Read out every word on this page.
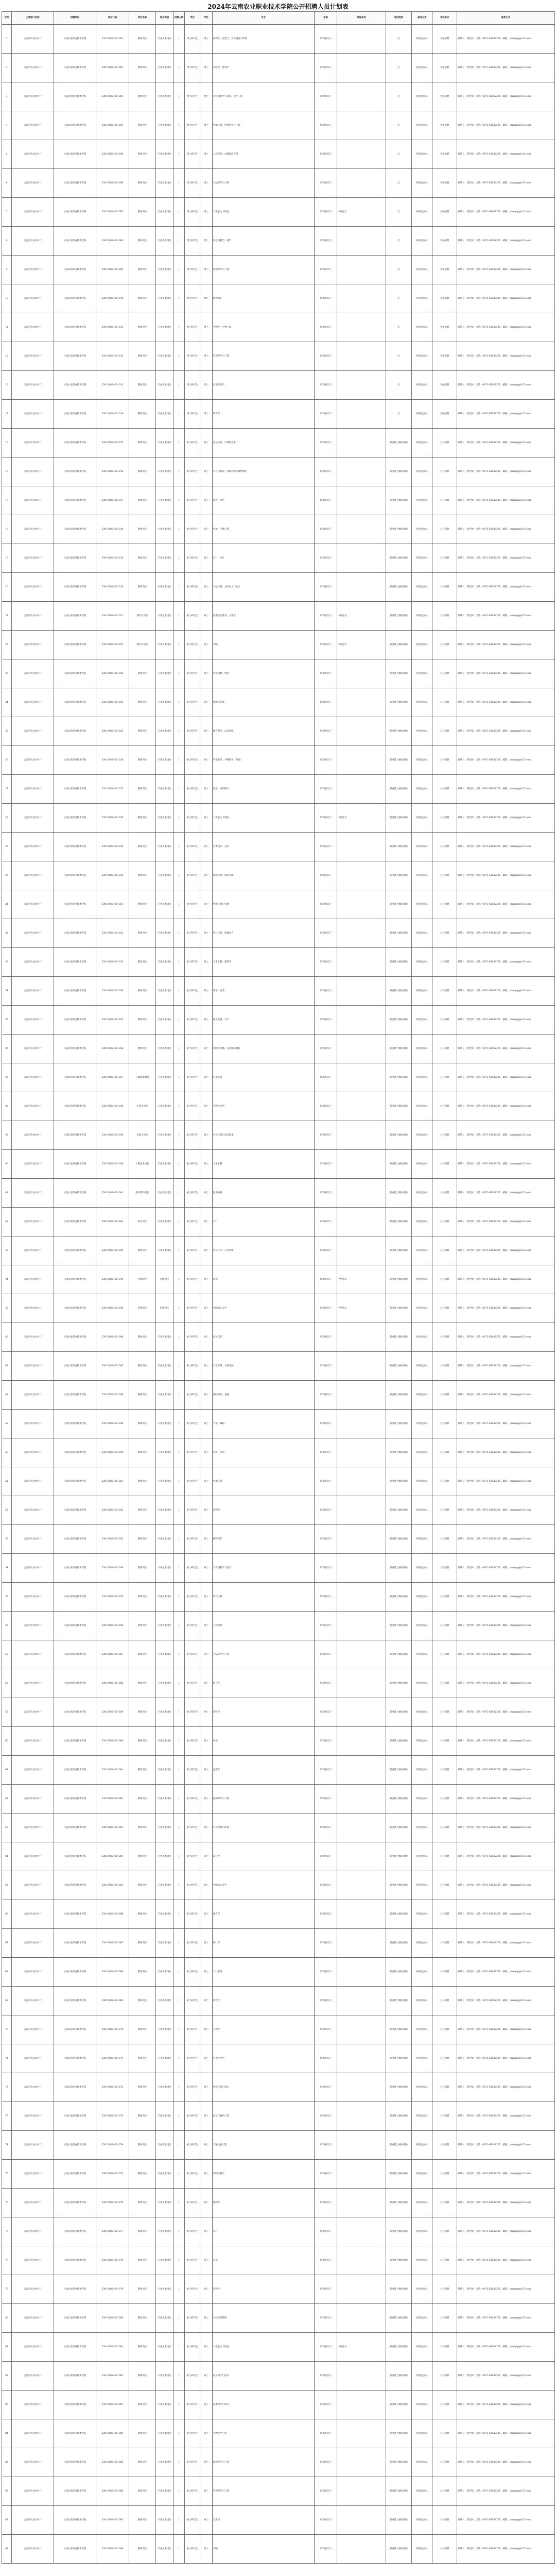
2024年云南农业职业技术学院公开招聘人员计划表
序号	主管部门名称	招聘单位	岗位代码	岗位名称	岗位类别	招聘人数	学历	学位	专业	年龄	其他条件	笔试类别	面试方式	考试形式	联系方式
1	云南省农业农村厅	云南农业职业技术学院	530100824001001	教师岗位	专业技术岗位	1	博士研究生	博士	作物学、园艺学、农业资源与环境	35周岁以下		无	结构化面试	考核招聘	联系人：黄老师；电话：0871-65182365；邮箱：ynnzyzp@163.com
2	云南省农业农村厅	云南农业职业技术学院	530100824001002	教师岗位	专业技术岗位	1	博士研究生	博士	兽医学、畜牧学	35周岁以下		无	结构化面试	考核招聘	联系人：黄老师；电话：0871-65182365；邮箱：ynnzyzp@163.com
3	云南省农业农村厅	云南农业职业技术学院	530100824001003	教师岗位	专业技术岗位	1	博士研究生	博士	计算机科学与技术、软件工程	35周岁以下		无	结构化面试	考核招聘	联系人：黄老师；电话：0871-65182365；邮箱：ynnzyzp@163.com
4	云南省农业农村厅	云南农业职业技术学院	530100824001004	教师岗位	专业技术岗位	1	博士研究生	博士	机械工程、控制科学与工程	35周岁以下		无	结构化面试	考核招聘	联系人：黄老师；电话：0871-65182365；邮箱：ynnzyzp@163.com
5	云南省农业农村厅	云南农业职业技术学院	530100824001005	教师岗位	专业技术岗位	1	博士研究生	博士	工商管理、农林经济管理	35周岁以下		无	结构化面试	考核招聘	联系人：黄老师；电话：0871-65182365；邮箱：ynnzyzp@163.com
6	云南省农业农村厅	云南农业职业技术学院	530100824001006	教师岗位	专业技术岗位	1	博士研究生	博士	食品科学与工程	35周岁以下		无	结构化面试	考核招聘	联系人：黄老师；电话：0871-65182365；邮箱：ynnzyzp@163.com
7	云南省农业农村厅	云南农业职业技术学院	530100824001007	教师岗位	专业技术岗位	1	博士研究生	博士	马克思主义理论	35周岁以下	中共党员	无	结构化面试	考核招聘	联系人：黄老师；电话：0871-65182365；邮箱：ynnzyzp@163.com
8	云南省农业农村厅	云南农业职业技术学院	530100824001008	教师岗位	专业技术岗位	1	博士研究生	博士	风景园林学、林学	35周岁以下		无	结构化面试	考核招聘	联系人：黄老师；电话：0871-65182365；邮箱：ynnzyzp@163.com
9	云南省农业农村厅	云南农业职业技术学院	530100824001009	教师岗位	专业技术岗位	1	博士研究生	博士	环境科学与工程	35周岁以下		无	结构化面试	考核招聘	联系人：黄老师；电话：0871-65182365；邮箱：ynnzyzp@163.com
10	云南省农业农村厅	云南农业职业技术学院	530100824001010	教师岗位	专业技术岗位	1	博士研究生	博士	植物保护	35周岁以下		无	结构化面试	考核招聘	联系人：黄老师；电话：0871-65182365；邮箱：ynnzyzp@163.com
11	云南省农业农村厅	云南农业职业技术学院	530100824001011	教师岗位	专业技术岗位	1	博士研究生	博士	生物学、生物工程	35周岁以下		无	结构化面试	考核招聘	联系人：黄老师；电话：0871-65182365；邮箱：ynnzyzp@163.com
12	云南省农业农村厅	云南农业职业技术学院	530100824001012	教师岗位	专业技术岗位	1	博士研究生	博士	管理科学与工程	35周岁以下		无	结构化面试	考核招聘	联系人：黄老师；电话：0871-65182365；邮箱：ynnzyzp@163.com
13	云南省农业农村厅	云南农业职业技术学院	530100824001013	教师岗位	专业技术岗位	1	博士研究生	博士	应用经济学	35周岁以下		无	结构化面试	考核招聘	联系人：黄老师；电话：0871-65182365；邮箱：ynnzyzp@163.com
14	云南省农业农村厅	云南农业职业技术学院	530100824001014	教师岗位	专业技术岗位	1	博士研究生	博士	教育学	35周岁以下		无	结构化面试	考核招聘	联系人：黄老师；电话：0871-65182365；邮箱：ynnzyzp@163.com
15	云南省农业农村厅	云南农业职业技术学院	530100824001015	教师岗位	专业技术岗位	1	硕士研究生	硕士	电子信息、计算机技术	35周岁以下		职业能力倾向测验	结构化面试	公开招聘	联系人：黄老师；电话：0871-65182365；邮箱：ynnzyzp@163.com
16	云南省农业农村厅	云南农业职业技术学院	530100824001016	教师岗位	专业技术岗位	1	硕士研究生	硕士	农艺与种业、资源利用与植物保护	35周岁以下		职业能力倾向测验	结构化面试	公开招聘	联系人：黄老师；电话：0871-65182365；邮箱：ynnzyzp@163.com
17	云南省农业农村厅	云南农业职业技术学院	530100824001017	教师岗位	专业技术岗位	1	硕士研究生	硕士	畜牧、兽医	35周岁以下		职业能力倾向测验	结构化面试	公开招聘	联系人：黄老师；电话：0871-65182365；邮箱：ynnzyzp@163.com
18	云南省农业农村厅	云南农业职业技术学院	530100824001018	教师岗位	专业技术岗位	1	硕士研究生	硕士	机械、车辆工程	35周岁以下		职业能力倾向测验	结构化面试	公开招聘	联系人：黄老师；电话：0871-65182365；邮箱：ynnzyzp@163.com
19	云南省农业农村厅	云南农业职业技术学院	530100824001019	教师岗位	专业技术岗位	1	硕士研究生	硕士	会计、审计	35周岁以下		职业能力倾向测验	结构化面试	公开招聘	联系人：黄老师；电话：0871-65182365；邮箱：ynnzyzp@163.com
20	云南省农业农村厅	云南农业职业技术学院	530100824001020	教师岗位	专业技术岗位	1	硕士研究生	硕士	食品工程、食品加工与安全	35周岁以下		职业能力倾向测验	结构化面试	公开招聘	联系人：黄老师；电话：0871-65182365；邮箱：ynnzyzp@163.com
21	云南省农业农村厅	云南农业职业技术学院	530100824001021	辅导员岗位	专业技术岗位	1	硕士研究生	硕士	思想政治教育、心理学	35周岁以下	中共党员	职业能力倾向测验	结构化面试	公开招聘	联系人：黄老师；电话：0871-65182365；邮箱：ynnzyzp@163.com
22	云南省农业农村厅	云南农业职业技术学院	530100824001022	辅导员岗位	专业技术岗位	1	硕士研究生	硕士	不限	35周岁以下	中共党员	职业能力倾向测验	结构化面试	公开招聘	联系人：黄老师；电话：0871-65182365；邮箱：ynnzyzp@163.com
23	云南省农业农村厅	云南农业职业技术学院	530100824001023	教师岗位	专业技术岗位	1	硕士研究生	硕士	风景园林、林业	35周岁以下		职业能力倾向测验	结构化面试	公开招聘	联系人：黄老师；电话：0871-65182365；邮箱：ynnzyzp@163.com
24	云南省农业农村厅	云南农业职业技术学院	530100824001024	教师岗位	专业技术岗位	1	硕士研究生	硕士	资源与环境	35周岁以下		职业能力倾向测验	结构化面试	公开招聘	联系人：黄老师；电话：0871-65182365；邮箱：ynnzyzp@163.com
25	云南省农业农村厅	云南农业职业技术学院	530100824001025	教师岗位	专业技术岗位	1	硕士研究生	硕士	体育教学、运动训练	35周岁以下		职业能力倾向测验	结构化面试	公开招聘	联系人：黄老师；电话：0871-65182365；邮箱：ynnzyzp@163.com
26	云南省农业农村厅	云南农业职业技术学院	530100824001026	教师岗位	专业技术岗位	1	硕士研究生	硕士	英语笔译、学科教学（英语）	35周岁以下		职业能力倾向测验	结构化面试	公开招聘	联系人：黄老师；电话：0871-65182365；邮箱：ynnzyzp@163.com
27	云南省农业农村厅	云南农业职业技术学院	530100824001027	教师岗位	专业技术岗位	1	硕士研究生	硕士	数学、应用统计	35周岁以下		职业能力倾向测验	结构化面试	公开招聘	联系人：黄老师；电话：0871-65182365；邮箱：ynnzyzp@163.com
28	云南省农业农村厅	云南农业职业技术学院	530100824001028	教师岗位	专业技术岗位	1	硕士研究生	硕士	马克思主义理论	35周岁以下	中共党员	职业能力倾向测验	结构化面试	公开招聘	联系人：黄老师；电话：0871-65182365；邮箱：ynnzyzp@163.com
29	云南省农业农村厅	云南农业职业技术学院	530100824001029	教师岗位	专业技术岗位	1	硕士研究生	硕士	艺术设计、美术	35周岁以下		职业能力倾向测验	结构化面试	公开招聘	联系人：黄老师；电话：0871-65182365；邮箱：ynnzyzp@163.com
30	云南省农业农村厅	云南农业职业技术学院	530100824001030	教师岗位	专业技术岗位	1	硕士研究生	硕士	旅游管理、酒店管理	35周岁以下		职业能力倾向测验	结构化面试	公开招聘	联系人：黄老师；电话：0871-65182365；邮箱：ynnzyzp@163.com
31	云南省农业农村厅	云南农业职业技术学院	530100824001031	教师岗位	专业技术岗位	1	硕士研究生	硕士	物流工程与管理	35周岁以下		职业能力倾向测验	结构化面试	公开招聘	联系人：黄老师；电话：0871-65182365；邮箱：ynnzyzp@163.com
32	云南省农业农村厅	云南农业职业技术学院	530100824001032	教师岗位	专业技术岗位	1	硕士研究生	硕士	电气工程、能源动力	35周岁以下		职业能力倾向测验	结构化面试	公开招聘	联系人：黄老师；电话：0871-65182365；邮箱：ynnzyzp@163.com
33	云南省农业农村厅	云南农业职业技术学院	530100824001033	教师岗位	专业技术岗位	1	硕士研究生	硕士	土木水利、建筑学	35周岁以下		职业能力倾向测验	结构化面试	公开招聘	联系人：黄老师；电话：0871-65182365；邮箱：ynnzyzp@163.com
34	云南省农业农村厅	云南农业职业技术学院	530100824001034	教师岗位	专业技术岗位	1	硕士研究生	硕士	茶学、园艺	35周岁以下		职业能力倾向测验	结构化面试	公开招聘	联系人：黄老师；电话：0871-65182365；邮箱：ynnzyzp@163.com
35	云南省农业农村厅	云南农业职业技术学院	530100824001035	教师岗位	专业技术岗位	1	硕士研究生	硕士	渔业发展、水产	35周岁以下		职业能力倾向测验	结构化面试	公开招聘	联系人：黄老师；电话：0871-65182365；邮箱：ynnzyzp@163.com
36	云南省农业农村厅	云南农业职业技术学院	530100824001036	教师岗位	专业技术岗位	1	硕士研究生	硕士	新闻与传播、汉语国际教育	35周岁以下		职业能力倾向测验	结构化面试	公开招聘	联系人：黄老师；电话：0871-65182365；邮箱：ynnzyzp@163.com
37	云南省农业农村厅	云南农业职业技术学院	530100824001037	心理健康教师	专业技术岗位	1	硕士研究生	硕士	应用心理	35周岁以下		职业能力倾向测验	结构化面试	公开招聘	联系人：黄老师；电话：0871-65182365；邮箱：ynnzyzp@163.com
38	云南省农业农村厅	云南农业职业技术学院	530100824001038	实验员岗位	专业技术岗位	1	硕士研究生	硕士	生物与医药	35周岁以下		职业能力倾向测验	结构化面试	公开招聘	联系人：黄老师；电话：0871-65182365；邮箱：ynnzyzp@163.com
39	云南省农业农村厅	云南农业职业技术学院	530100824001039	实验员岗位	专业技术岗位	1	硕士研究生	硕士	农业工程与信息技术	35周岁以下		职业能力倾向测验	结构化面试	公开招聘	联系人：黄老师；电话：0871-65182365；邮箱：ynnzyzp@163.com
40	云南省农业农村厅	云南农业职业技术学院	530100824001040	工程技术岗位	专业技术岗位	1	硕士研究生	硕士	土木水利	35周岁以下		职业能力倾向测验	结构化面试	公开招聘	联系人：黄老师；电话：0871-65182365；邮箱：ynnzyzp@163.com
41	云南省农业农村厅	云南农业职业技术学院	530100824001041	图书资料岗位	专业技术岗位	1	硕士研究生	硕士	图书情报	35周岁以下		职业能力倾向测验	结构化面试	公开招聘	联系人：黄老师；电话：0871-65182365；邮箱：ynnzyzp@163.com
42	云南省农业农村厅	云南农业职业技术学院	530100824001042	财务岗位	专业技术岗位	1	硕士研究生	硕士	会计	35周岁以下		职业能力倾向测验	结构化面试	公开招聘	联系人：黄老师；电话：0871-65182365；邮箱：ynnzyzp@163.com
43	云南省农业农村厅	云南农业职业技术学院	530100824001043	教师岗位	专业技术岗位	1	硕士研究生	硕士	社会工作、公共管理	35周岁以下		职业能力倾向测验	结构化面试	公开招聘	联系人：黄老师；电话：0871-65182365；邮箱：ynnzyzp@163.com
44	云南省农业农村厅	云南农业职业技术学院	530100824001044	管理岗位	管理岗位	1	硕士研究生	硕士	法律	35周岁以下	中共党员	职业能力倾向测验	结构化面试	公开招聘	联系人：黄老师；电话：0871-65182365；邮箱：ynnzyzp@163.com
45	云南省农业农村厅	云南农业职业技术学院	530100824001045	管理岗位	管理岗位	1	硕士研究生	硕士	中国语言文学	35周岁以下	中共党员	职业能力倾向测验	结构化面试	公开招聘	联系人：黄老师；电话：0871-65182365；邮箱：ynnzyzp@163.com
46	云南省农业农村厅	云南农业职业技术学院	530100824001046	教师岗位	专业技术岗位	1	硕士研究生	硕士	电子信息	35周岁以下		职业能力倾向测验	结构化面试	公开招聘	联系人：黄老师；电话：0871-65182365；邮箱：ynnzyzp@163.com
47	云南省农业农村厅	云南农业职业技术学院	530100824001047	教师岗位	专业技术岗位	1	硕士研究生	硕士	农业管理、农村发展	35周岁以下		职业能力倾向测验	结构化面试	公开招聘	联系人：黄老师；电话：0871-65182365；邮箱：ynnzyzp@163.com
48	云南省农业农村厅	云南农业职业技术学院	530100824001048	教师岗位	专业技术岗位	1	硕士研究生	硕士	国际商务、金融	35周岁以下		职业能力倾向测验	结构化面试	公开招聘	联系人：黄老师；电话：0871-65182365；邮箱：ynnzyzp@163.com
49	云南省农业农村厅	云南农业职业技术学院	530100824001049	教师岗位	专业技术岗位	1	硕士研究生	硕士	音乐、舞蹈	35周岁以下		职业能力倾向测验	结构化面试	公开招聘	联系人：黄老师；电话：0871-65182365；邮箱：ynnzyzp@163.com
50	云南省农业农村厅	云南农业职业技术学院	530100824001050	教师岗位	专业技术岗位	1	硕士研究生	硕士	兽医、养殖	35周岁以下		职业能力倾向测验	结构化面试	公开招聘	联系人：黄老师；电话：0871-65182365；邮箱：ynnzyzp@163.com
51	云南省农业农村厅	云南农业职业技术学院	530100824001051	教师岗位	专业技术岗位	1	硕士研究生	硕士	机械工程	35周岁以下		职业能力倾向测验	结构化面试	公开招聘	联系人：黄老师；电话：0871-65182365；邮箱：ynnzyzp@163.com
52	云南省农业农村厅	云南农业职业技术学院	530100824001052	教师岗位	专业技术岗位	1	硕士研究生	硕士	作物学	35周岁以下		职业能力倾向测验	结构化面试	公开招聘	联系人：黄老师；电话：0871-65182365；邮箱：ynnzyzp@163.com
53	云南省农业农村厅	云南农业职业技术学院	530100824001053	教师岗位	专业技术岗位	1	硕士研究生	硕士	植物保护	35周岁以下		职业能力倾向测验	结构化面试	公开招聘	联系人：黄老师；电话：0871-65182365；邮箱：ynnzyzp@163.com
54	云南省农业农村厅	云南农业职业技术学院	530100824001054	教师岗位	专业技术岗位	1	硕士研究生	硕士	计算机科学与技术	35周岁以下		职业能力倾向测验	结构化面试	公开招聘	联系人：黄老师；电话：0871-65182365；邮箱：ynnzyzp@163.com
55	云南省农业农村厅	云南农业职业技术学院	530100824001055	教师岗位	专业技术岗位	1	硕士研究生	硕士	软件工程	35周岁以下		职业能力倾向测验	结构化面试	公开招聘	联系人：黄老师；电话：0871-65182365；邮箱：ynnzyzp@163.com
56	云南省农业农村厅	云南农业职业技术学院	530100824001056	教师岗位	专业技术岗位	1	硕士研究生	硕士	工商管理	35周岁以下		职业能力倾向测验	结构化面试	公开招聘	联系人：黄老师；电话：0871-65182365；邮箱：ynnzyzp@163.com
57	云南省农业农村厅	云南农业职业技术学院	530100824001057	教师岗位	专业技术岗位	1	硕士研究生	硕士	食品科学与工程	35周岁以下		职业能力倾向测验	结构化面试	公开招聘	联系人：黄老师；电话：0871-65182365；邮箱：ynnzyzp@163.com
58	云南省农业农村厅	云南农业职业技术学院	530100824001058	教师岗位	专业技术岗位	1	硕士研究生	硕士	园艺学	35周岁以下		职业能力倾向测验	结构化面试	公开招聘	联系人：黄老师；电话：0871-65182365；邮箱：ynnzyzp@163.com
59	云南省农业农村厅	云南农业职业技术学院	530100824001059	教师岗位	专业技术岗位	1	硕士研究生	硕士	畜牧学	35周岁以下		职业能力倾向测验	结构化面试	公开招聘	联系人：黄老师；电话：0871-65182365；邮箱：ynnzyzp@163.com
60	云南省农业农村厅	云南农业职业技术学院	530100824001060	教师岗位	专业技术岗位	1	硕士研究生	硕士	林学	35周岁以下		职业能力倾向测验	结构化面试	公开招聘	联系人：黄老师；电话：0871-65182365；邮箱：ynnzyzp@163.com
61	云南省农业农村厅	云南农业职业技术学院	530100824001061	教师岗位	专业技术岗位	1	硕士研究生	硕士	生态学	35周岁以下		职业能力倾向测验	结构化面试	公开招聘	联系人：黄老师；电话：0871-65182365；邮箱：ynnzyzp@163.com
62	云南省农业农村厅	云南农业职业技术学院	530100824001062	教师岗位	专业技术岗位	1	硕士研究生	硕士	控制科学与工程	35周岁以下		职业能力倾向测验	结构化面试	公开招聘	联系人：黄老师；电话：0871-65182365；邮箱：ynnzyzp@163.com
63	云南省农业农村厅	云南农业职业技术学院	530100824001063	教师岗位	专业技术岗位	1	硕士研究生	硕士	农业资源与环境	35周岁以下		职业能力倾向测验	结构化面试	公开招聘	联系人：黄老师；电话：0871-65182365；邮箱：ynnzyzp@163.com
64	云南省农业农村厅	云南农业职业技术学院	530100824001064	教师岗位	专业技术岗位	1	硕士研究生	硕士	设计学	35周岁以下		职业能力倾向测验	结构化面试	公开招聘	联系人：黄老师；电话：0871-65182365；邮箱：ynnzyzp@163.com
65	云南省农业农村厅	云南农业职业技术学院	530100824001065	教师岗位	专业技术岗位	1	硕士研究生	硕士	外国语言文学	35周岁以下		职业能力倾向测验	结构化面试	公开招聘	联系人：黄老师；电话：0871-65182365；邮箱：ynnzyzp@163.com
66	云南省农业农村厅	云南农业职业技术学院	530100824001066	教师岗位	专业技术岗位	1	硕士研究生	硕士	体育学	35周岁以下		职业能力倾向测验	结构化面试	公开招聘	联系人：黄老师；电话：0871-65182365；邮箱：ynnzyzp@163.com
67	云南省农业农村厅	云南农业职业技术学院	530100824001067	教师岗位	专业技术岗位	1	硕士研究生	硕士	统计学	35周岁以下		职业能力倾向测验	结构化面试	公开招聘	联系人：黄老师；电话：0871-65182365；邮箱：ynnzyzp@163.com
68	云南省农业农村厅	云南农业职业技术学院	530100824001068	教师岗位	专业技术岗位	1	硕士研究生	硕士	公共管理	35周岁以下		职业能力倾向测验	结构化面试	公开招聘	联系人：黄老师；电话：0871-65182365；邮箱：ynnzyzp@163.com
69	云南省农业农村厅	云南农业职业技术学院	530100824001069	教师岗位	专业技术岗位	1	硕士研究生	硕士	教育学	35周岁以下		职业能力倾向测验	结构化面试	公开招聘	联系人：黄老师；电话：0871-65182365；邮箱：ynnzyzp@163.com
70	云南省农业农村厅	云南农业职业技术学院	530100824001070	教师岗位	专业技术岗位	1	硕士研究生	硕士	心理学	35周岁以下		职业能力倾向测验	结构化面试	公开招聘	联系人：黄老师；电话：0871-65182365；邮箱：ynnzyzp@163.com
71	云南省农业农村厅	云南农业职业技术学院	530100824001071	教师岗位	专业技术岗位	1	硕士研究生	硕士	应用经济学	35周岁以下		职业能力倾向测验	结构化面试	公开招聘	联系人：黄老师；电话：0871-65182365；邮箱：ynnzyzp@163.com
72	云南省农业农村厅	云南农业职业技术学院	530100824001072	教师岗位	专业技术岗位	1	硕士研究生	硕士	化学工程与技术	35周岁以下		职业能力倾向测验	结构化面试	公开招聘	联系人：黄老师；电话：0871-65182365；邮箱：ynnzyzp@163.com
73	云南省农业农村厅	云南农业职业技术学院	530100824001073	教师岗位	专业技术岗位	1	硕士研究生	硕士	信息与通信工程	35周岁以下		职业能力倾向测验	结构化面试	公开招聘	联系人：黄老师；电话：0871-65182365；邮箱：ynnzyzp@163.com
74	云南省农业农村厅	云南农业职业技术学院	530100824001074	教师岗位	专业技术岗位	1	硕士研究生	硕士	交通运输工程	35周岁以下		职业能力倾向测验	结构化面试	公开招聘	联系人：黄老师；电话：0871-65182365；邮箱：ynnzyzp@163.com
75	云南省农业农村厅	云南农业职业技术学院	530100824001075	教师岗位	专业技术岗位	1	硕士研究生	硕士	新闻传播学	35周岁以下		职业能力倾向测验	结构化面试	公开招聘	联系人：黄老师；电话：0871-65182365；邮箱：ynnzyzp@163.com
76	云南省农业农村厅	云南农业职业技术学院	530100824001076	教师岗位	专业技术岗位	1	硕士研究生	硕士	地理学	35周岁以下		职业能力倾向测验	结构化面试	公开招聘	联系人：黄老师；电话：0871-65182365；邮箱：ynnzyzp@163.com
77	云南省农业农村厅	云南农业职业技术学院	530100824001077	教师岗位	专业技术岗位	1	硕士研究生	硕士	水产	35周岁以下		职业能力倾向测验	结构化面试	公开招聘	联系人：黄老师；电话：0871-65182365；邮箱：ynnzyzp@163.com
78	云南省农业农村厅	云南农业职业技术学院	530100824001078	教师岗位	专业技术岗位	1	硕士研究生	硕士	草学	35周岁以下		职业能力倾向测验	结构化面试	公开招聘	联系人：黄老师；电话：0871-65182365；邮箱：ynnzyzp@163.com
79	云南省农业农村厅	云南农业职业技术学院	530100824001079	教师岗位	专业技术岗位	1	硕士研究生	硕士	兽医学	35周岁以下		职业能力倾向测验	结构化面试	公开招聘	联系人：黄老师；电话：0871-65182365；邮箱：ynnzyzp@163.com
80	云南省农业农村厅	云南农业职业技术学院	530100824001080	教师岗位	专业技术岗位	1	硕士研究生	硕士	农林经济管理	35周岁以下		职业能力倾向测验	结构化面试	公开招聘	联系人：黄老师；电话：0871-65182365；邮箱：ynnzyzp@163.com
81	云南省农业农村厅	云南农业职业技术学院	530100824001081	教师岗位	专业技术岗位	1	硕士研究生	硕士	马克思主义理论	35周岁以下	中共党员	职业能力倾向测验	结构化面试	公开招聘	联系人：黄老师；电话：0871-65182365；邮箱：ynnzyzp@163.com
82	云南省农业农村厅	云南农业职业技术学院	530100824001082	教师岗位	专业技术岗位	1	硕士研究生	硕士	电子科学与技术	35周岁以下		职业能力倾向测验	结构化面试	公开招聘	联系人：黄老师；电话：0871-65182365；邮箱：ynnzyzp@163.com
83	云南省农业农村厅	云南农业职业技术学院	530100824001083	教师岗位	专业技术岗位	1	硕士研究生	硕士	仪器科学与技术	35周岁以下		职业能力倾向测验	结构化面试	公开招聘	联系人：黄老师；电话：0871-65182365；邮箱：ynnzyzp@163.com
84	云南省农业农村厅	云南农业职业技术学院	530100824001084	教师岗位	专业技术岗位	1	硕士研究生	硕士	生物医学工程	35周岁以下		职业能力倾向测验	结构化面试	公开招聘	联系人：黄老师；电话：0871-65182365；邮箱：ynnzyzp@163.com
85	云南省农业农村厅	云南农业职业技术学院	530100824001085	教师岗位	专业技术岗位	1	硕士研究生	硕士	环境科学与工程	35周岁以下		职业能力倾向测验	结构化面试	公开招聘	联系人：黄老师；电话：0871-65182365；邮箱：ynnzyzp@163.com
86	云南省农业农村厅	云南农业职业技术学院	530100824001086	教师岗位	专业技术岗位	1	硕士研究生	硕士	管理科学与工程	35周岁以下		职业能力倾向测验	结构化面试	公开招聘	联系人：黄老师；电话：0871-65182365；邮箱：ynnzyzp@163.com
87	云南省农业农村厅	云南农业职业技术学院	530100824001087	教师岗位	专业技术岗位	1	硕士研究生	硕士	艺术学	35周岁以下		职业能力倾向测验	结构化面试	公开招聘	联系人：黄老师；电话：0871-65182365；邮箱：ynnzyzp@163.com
88	云南省农业农村厅	云南农业职业技术学院	530100824001088	教师岗位	专业技术岗位	1	硕士研究生	硕士	不限	35周岁以下		职业能力倾向测验	结构化面试	公开招聘	联系人：黄老师；电话：0871-65182365；邮箱：ynnzyzp@163.com
